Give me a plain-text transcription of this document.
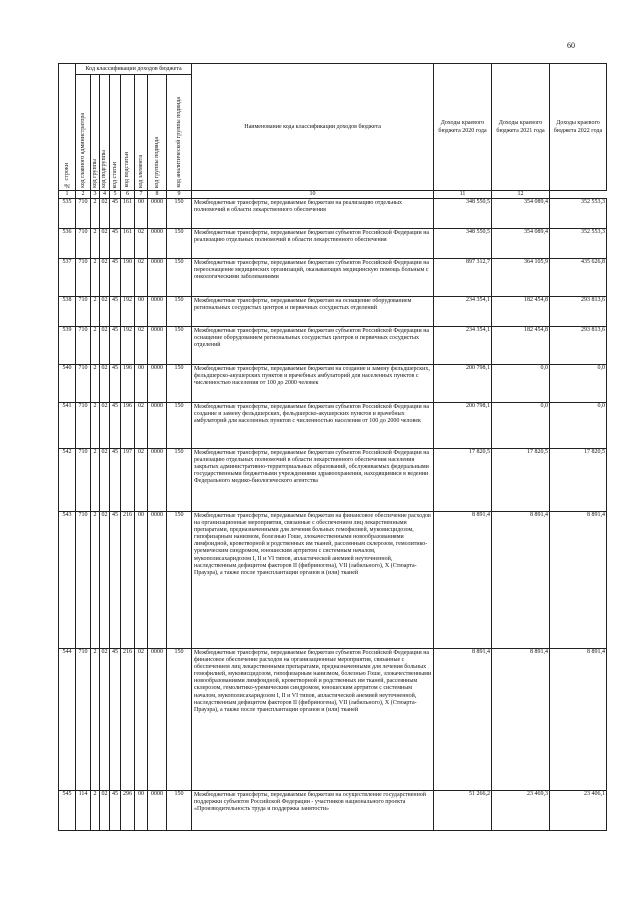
60
№ строки	Код классификации доходов бюджета								Наименование кода классификации доходов бюджета	Доходы краевого бюджета 2020 года	Доходы краевого бюджета 2021 года	Доходы краевого бюджета 2022 года

	код главного администратора	код группы	код подгруппы	код статьи	код подстатьи	код элемента	код группы подвида	код аналитической группы подвида				

1	2	3	4	5	6	7	8	9	10	11	12	
535	710	2	02	45	161	00	0000	150	Межбюджетные трансферты, передаваемые бюджетам на реализацию отдельных полномочий в области лекарственного обеспечения	348 550,5	354 089,4	352 553,3
536	710	2	02	45	161	02	0000	150	Межбюджетные трансферты, передаваемые бюджетам субъектов Российской Федерации на реализацию отдельных полномочий в области лекарственного обеспечения	348 550,5	354 089,4	352 553,3
537	710	2	02	45	190	02	0000	150	Межбюджетные трансферты, передаваемые бюджетам субъектов Российской Федерации на переоснащение медицинских организаций, оказывающих медицинскую помощь больным с онкологическими заболеваниями	897 312,7	364 105,9	435 626,8
538	710	2	02	45	192	00	0000	150	Межбюджетные трансферты, передаваемые бюджетам на оснащение оборудованием региональных сосудистых центров и первичных сосудистых отделений	234 354,1	182 454,8	293 813,6
539	710	2	02	45	192	02	0000	150	Межбюджетные трансферты, передаваемые бюджетам субъектов Российской Федерации на оснащение оборудованием региональных сосудистых центров и первичных сосудистых отделений	234 354,1	182 454,8	293 813,6
540	710	2	02	45	196	00	0000	150	Межбюджетные трансферты, передаваемые бюджетам на создание и замену фельдшерских, фельдшерско-акушерских пунктов и врачебных амбулаторий для населенных пунктов с численностью населения от 100 до 2000 человек	200 798,1	0,0	0,0
541	710	2	02	45	196	02	0000	150	Межбюджетные трансферты, передаваемые бюджетам субъектов Российской Федерации на создание и замену фельдшерских, фельдшерско-акушерских пунктов и врачебных амбулаторий для населенных пунктов с численностью населения от 100 до 2000 человек	200 798,1	0,0	0,0
542	710	2	02	45	197	02	0000	150	Межбюджетные трансферты, передаваемые бюджетам субъектов Российской Федерации на реализацию отдельных полномочий в области лекарственного обеспечения населения закрытых административно-территориальных образований, обслуживаемых федеральными государственными бюджетными учреждениями здравоохранения, находящимися в ведении Федерального медико-биологического агентства	17 820,5	17 820,5	17 820,5
543	710	2	02	45	216	00	0000	150	Межбюджетные трансферты, передаваемые бюджетам на финансовое обеспечение расходов на организационные мероприятия, связанные с обеспечением лиц лекарственными препаратами, предназначенными для лечения больных гемофилией, муковисцидозом, гипофизарным нанизмом, болезнью Гоше, злокачественными новообразованиями лимфоидной, кроветворной и родственных им тканей, рассеянным склерозом, гемолитико-уремическим синдромом, юношеским артритом с системным началом, мукополисахаридозом I, II и VI типов, апластической анемией неуточненной, наследственным дефицитом факторов II (фибриногена), VII (лабильного), X (Стюарта-Прауэра), а также после трансплантации органов и (или) тканей	8 891,4	8 891,4	8 891,4
544	710	2	02	45	216	02	0000	150	Межбюджетные трансферты, передаваемые бюджетам субъектов Российской Федерации на финансовое обеспечение расходов на организационные мероприятия, связанные с обеспечением лиц лекарственными препаратами, предназначенными для лечения больных гемофилией, муковисцидозом, гипофизарным нанизмом, болезнью Гоше, злокачественными новообразованиями лимфоидной, кроветворной и родственных им тканей, рассеянным склерозом, гемолитико-уремическим синдромом, юношеским артритом с системным началом, мукополисахаридозом I, II и VI типов, апластической анемией неуточненной, наследственным дефицитом факторов II (фибриногена), VII (лабильного), X (Стюарта-Прауэра), а также после трансплантации органов и (или) тканей	8 891,4	8 891,4	8 891,4
545	114	2	02	45	296	00	0000	150	Межбюджетные трансферты, передаваемые бюджетам на осуществление государственной поддержки субъектов Российской Федерации - участников национального проекта «Производительность труда и поддержка занятости»	51 266,2	23 469,3	23 406,1
